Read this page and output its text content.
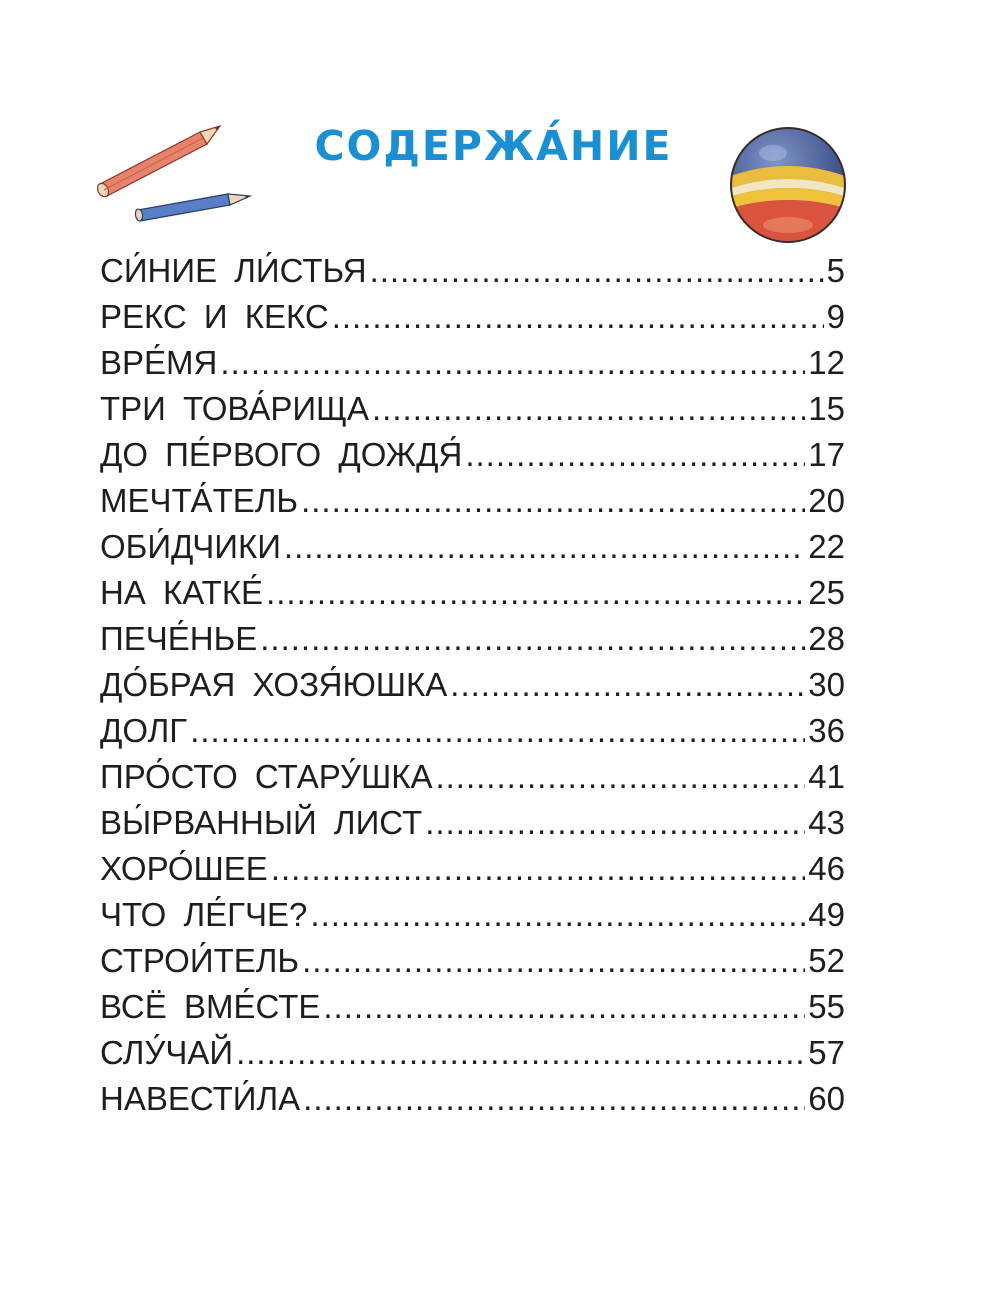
СОДЕРЖА́НИЕ
СИ́НИЕ ЛИ́СТЬЯ .....	5
РЕКС И КЕКС .....	9
ВРЕ́МЯ .....	12
ТРИ ТОВА́РИЩА .....	15
ДО ПЕ́РВОГО ДОЖДЯ́ .....	17
МЕЧТА́ТЕЛЬ .....	20
ОБИ́ДЧИКИ .....	22
НА КАТКЕ́ .....	25
ПЕЧЕ́НЬЕ .....	28
ДО́БРАЯ ХОЗЯ́ЮШКА .....	30
ДОЛГ .....	36
ПРО́СТО СТАРУ́ШКА .....	41
ВЫ́РВАННЫЙ ЛИСТ .....	43
ХОРО́ШЕЕ .....	46
ЧТО ЛЕ́ГЧЕ? .....	49
СТРОИ́ТЕЛЬ .....	52
ВСЁ ВМЕ́СТЕ .....	55
СЛУ́ЧАЙ .....	57
НАВЕСТИ́ЛА .....	60
